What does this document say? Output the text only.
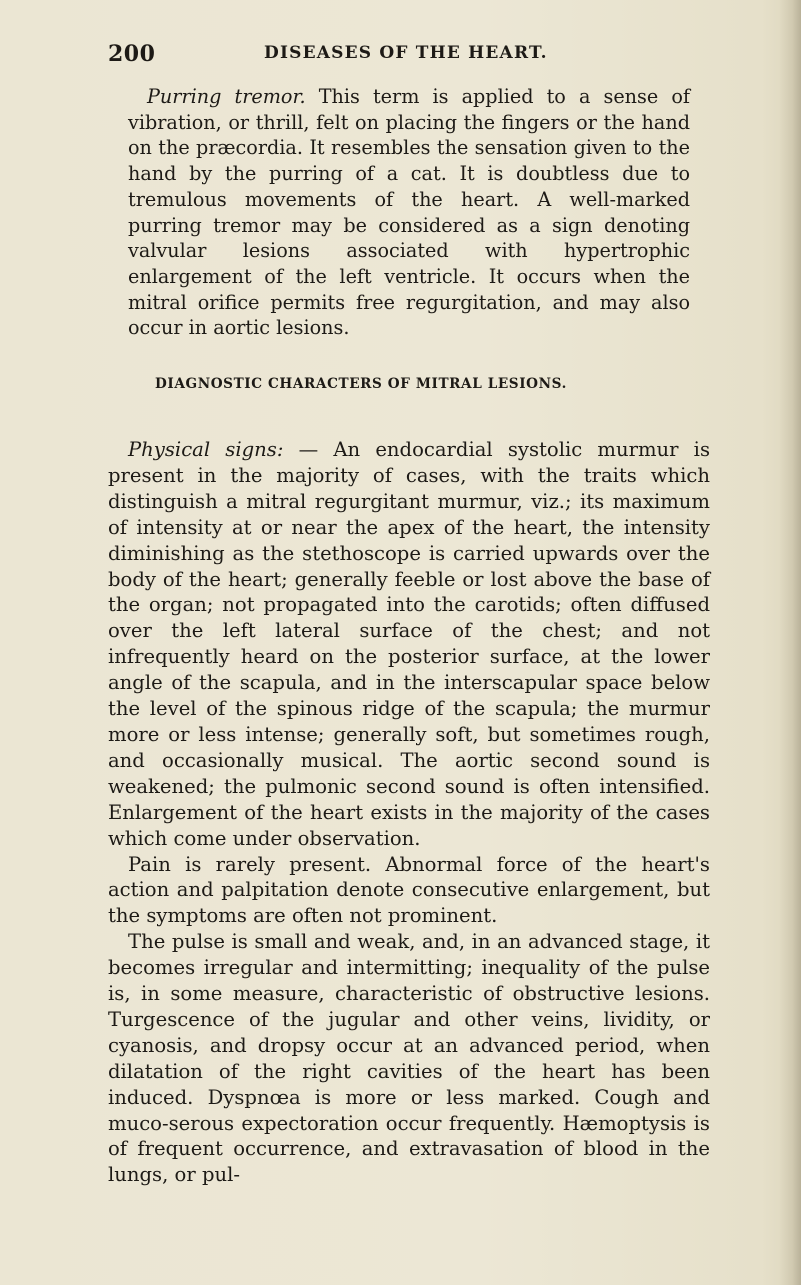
200	DISEASES OF THE HEART.

Purring tremor. This term is applied to a sense of vibration, or thrill, felt on placing the fingers or the hand on the præcordia. It resembles the sensation given to the hand by the purring of a cat. It is doubtless due to tremulous movements of the heart. A well-marked purring tremor may be considered as a sign denoting valvular lesions associated with hypertrophic enlargement of the left ventricle. It occurs when the mitral orifice permits free regurgitation, and may also occur in aortic lesions.

DIAGNOSTIC CHARACTERS OF MITRAL LESIONS.

Physical signs: — An endocardial systolic murmur is present in the majority of cases, with the traits which distinguish a mitral regurgitant murmur, viz.; its maximum of intensity at or near the apex of the heart, the intensity diminishing as the stethoscope is carried upwards over the body of the heart; generally feeble or lost above the base of the organ; not propagated into the carotids; often diffused over the left lateral surface of the chest; and not infrequently heard on the posterior surface, at the lower angle of the scapula, and in the interscapular space below the level of the spinous ridge of the scapula; the murmur more or less intense; generally soft, but sometimes rough, and occasionally musical. The aortic second sound is weakened; the pulmonic second sound is often intensified. Enlargement of the heart exists in the majority of the cases which come under observation.

Pain is rarely present. Abnormal force of the heart's action and palpitation denote consecutive enlargement, but the symptoms are often not prominent.

The pulse is small and weak, and, in an advanced stage, it becomes irregular and intermitting; inequality of the pulse is, in some measure, characteristic of obstructive lesions. Turgescence of the jugular and other veins, lividity, or cyanosis, and dropsy occur at an advanced period, when dilatation of the right cavities of the heart has been induced. Dyspnœa is more or less marked. Cough and muco-serous expectoration occur frequently. Hæmoptysis is of frequent occurrence, and extravasation of blood in the lungs, or pul-
